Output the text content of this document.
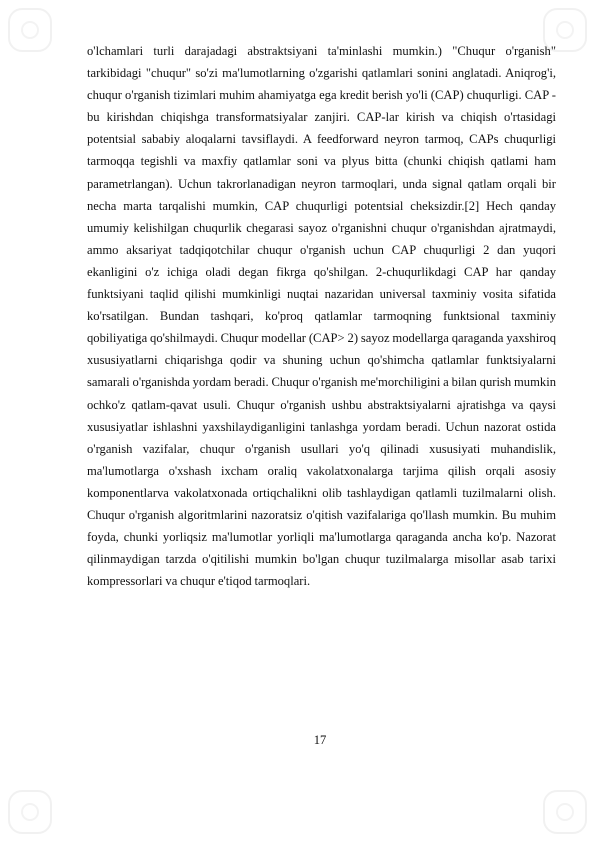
o'lchamlari turli darajadagi abstraktsiyani ta'minlashi mumkin.) "Chuqur o'rganish" tarkibidagi "chuqur" so'zi ma'lumotlarning o'zgarishi qatlamlari sonini anglatadi. Aniqrog'i, chuqur o'rganish tizimlari muhim ahamiyatga ega kredit berish yo'li (CAP) chuqurligi. CAP - bu kirishdan chiqishga transformatsiyalar zanjiri. CAP-lar kirish va chiqish o'rtasidagi potentsial sababiy aloqalarni tavsiflaydi. A feedforward neyron tarmoq, CAPs chuqurligi tarmoqqa tegishli va maxfiy qatlamlar soni va plyus bitta (chunki chiqish qatlami ham parametrlangan). Uchun takrorlanadigan neyron tarmoqlari, unda signal qatlam orqali bir necha marta tarqalishi mumkin, CAP chuqurligi potentsial cheksizdir.[2] Hech qanday umumiy kelishilgan chuqurlik chegarasi sayoz o'rganishni chuqur o'rganishdan ajratmaydi, ammo aksariyat tadqiqotchilar chuqur o'rganish uchun CAP chuqurligi 2 dan yuqori ekanligini o'z ichiga oladi degan fikrga qo'shilgan. 2-chuqurlikdagi CAP har qanday funktsiyani taqlid qilishi mumkinligi nuqtai nazaridan universal taxminiy vosita sifatida ko'rsatilgan. Bundan tashqari, ko'proq qatlamlar tarmoqning funktsional taxminiy qobiliyatiga qo'shilmaydi. Chuqur modellar (CAP> 2) sayoz modellarga qaraganda yaxshiroq xususiyatlarni chiqarishga qodir va shuning uchun qo'shimcha qatlamlar funktsiyalarni samarali o'rganishda yordam beradi. Chuqur o'rganish me'morchiligini a bilan qurish mumkin ochko'z qatlam-qavat usuli. Chuqur o'rganish ushbu abstraktsiyalarni ajratishga va qaysi xususiyatlar ishlashni yaxshilaydiganligini tanlashga yordam beradi. Uchun nazorat ostida o'rganish vazifalar, chuqur o'rganish usullari yo'q qilinadi xususiyati muhandislik, ma'lumotlarga o'xshash ixcham oraliq vakolatxonalarga tarjima qilish orqali asosiy komponentlarva vakolatxonada ortiqchalikni olib tashlaydigan qatlamli tuzilmalarni olish. Chuqur o'rganish algoritmlarini nazoratsiz o'qitish vazifalariga qo'llash mumkin. Bu muhim foyda, chunki yorliqsiz ma'lumotlar yorliqli ma'lumotlarga qaraganda ancha ko'p. Nazorat qilinmaydigan tarzda o'qitilishi mumkin bo'lgan chuqur tuzilmalarga misollar asab tarixi kompressorlari va chuqur e'tiqod tarmoqlari.

17
